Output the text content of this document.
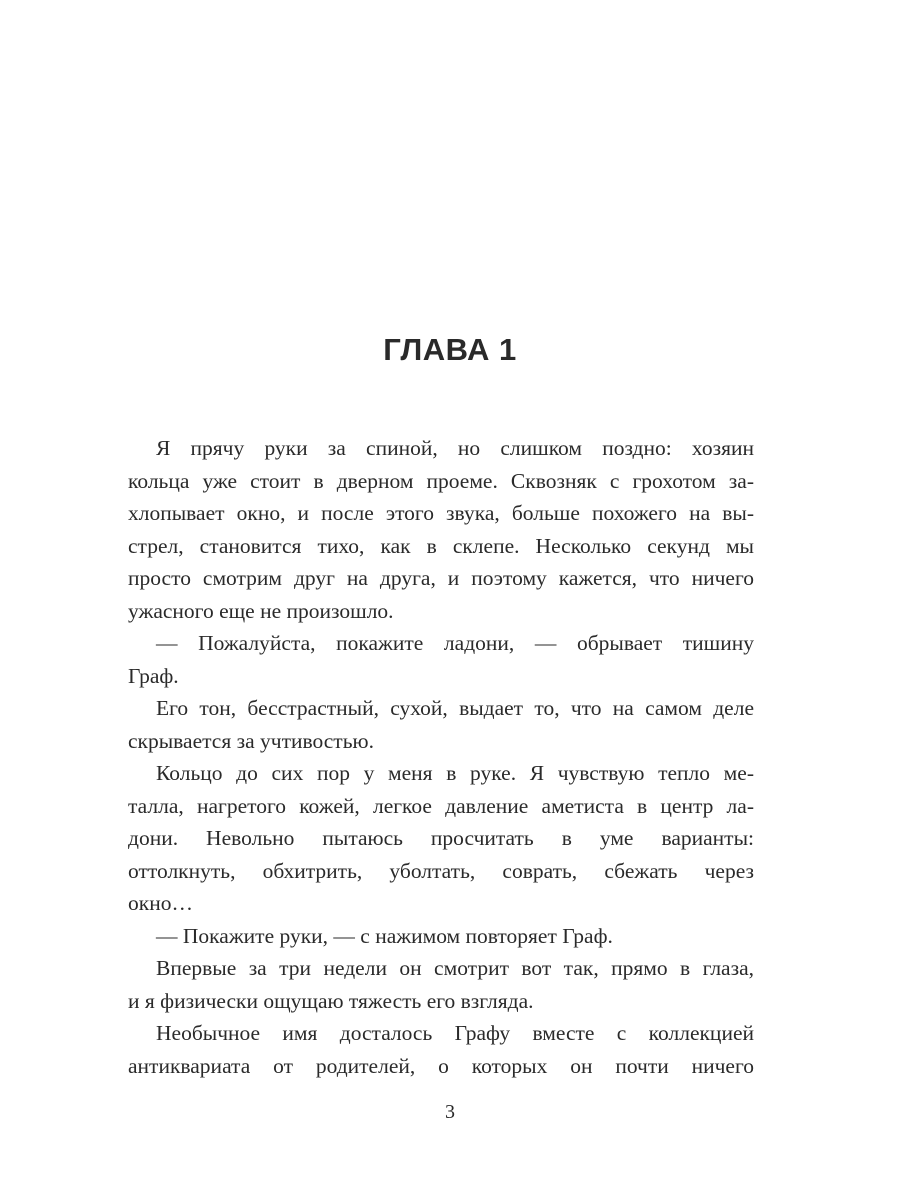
ГЛАВА 1
Я прячу руки за спиной, но слишком поздно: хозяин
кольца уже стоит в дверном проеме. Сквозняк с грохотом за-
хлопывает окно, и после этого звука, больше похожего на вы-
стрел, становится тихо, как в склепе. Несколько секунд мы
просто смотрим друг на друга, и поэтому кажется, что ничего
ужасного еще не произошло.
— Пожалуйста, покажите ладони, — обрывает тишину
Граф.
Его тон, бесстрастный, сухой, выдает то, что на самом деле
скрывается за учтивостью.
Кольцо до сих пор у меня в руке. Я чувствую тепло ме-
талла, нагретого кожей, легкое давление аметиста в центр ла-
дони. Невольно пытаюсь просчитать в уме варианты:
оттолкнуть, обхитрить, уболтать, соврать, сбежать через
окно…
— Покажите руки, — с нажимом повторяет Граф.
Впервые за три недели он смотрит вот так, прямо в глаза,
и я физически ощущаю тяжесть его взгляда.
Необычное имя досталось Графу вместе с коллекцией
антиквариата от родителей, о которых он почти ничего
3
